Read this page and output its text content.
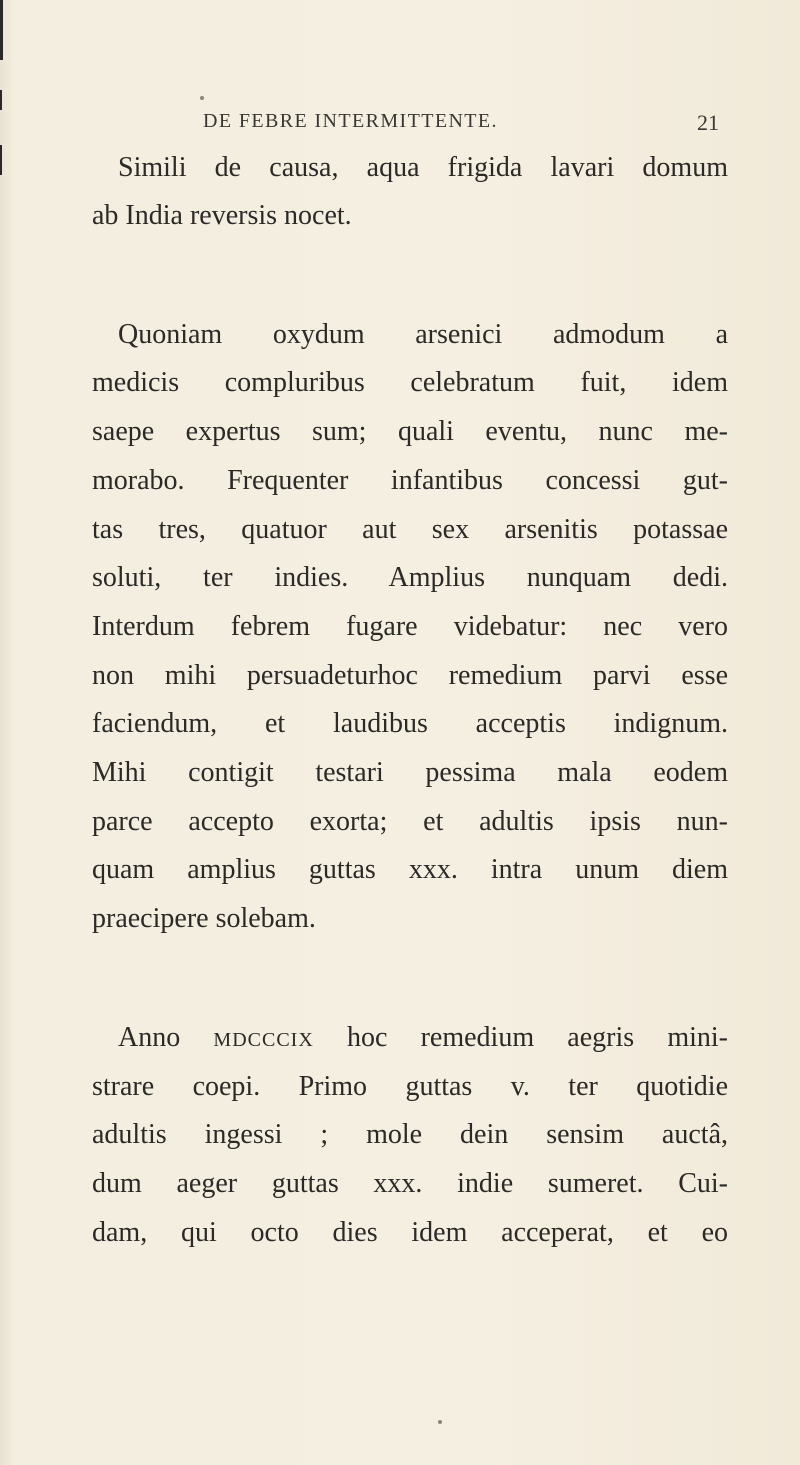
DE FEBRE INTERMITTENTE.	21
Simili de causa, aqua frigida lavari domum
ab India reversis nocet.
Quoniam oxydum arsenici admodum a
medicis compluribus celebratum fuit, idem
saepe expertus sum; quali eventu, nunc me-
morabo. Frequenter infantibus concessi gut-
tas tres, quatuor aut sex arsenitis potassae
soluti, ter indies. Amplius nunquam dedi.
Interdum febrem fugare videbatur: nec vero
non mihi persuadeturhoc remedium parvi esse
faciendum, et laudibus acceptis indignum.
Mihi contigit testari pessima mala eodem
parce accepto exorta; et adultis ipsis nun-
quam amplius guttas xxx. intra unum diem
praecipere solebam.
Anno mdcccix hoc remedium aegris mini-
strare coepi. Primo guttas v. ter quotidie
adultis ingessi ; mole dein sensim auctâ,
dum aeger guttas xxx. indie sumeret. Cui-
dam, qui octo dies idem acceperat, et eo
